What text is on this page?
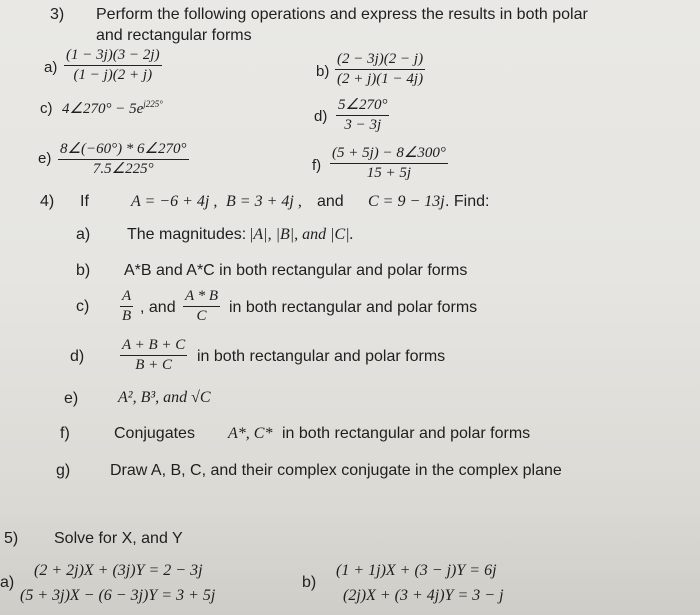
3) Perform the following operations and express the results in both polar
and rectangular forms
$a) \frac{(1 - 3j)(3 - 2j)}{(1 - j)(2 + j)}$	$b) \frac{(2 - 3j)(2 - j)}{(2 + j)(1 - 4j)}$
c) 4∠270° − $5e^{j225^\circ}$
$d) \frac{5\angle 270^\circ}{3 - 3j}$
$e) \frac{8\angle(-60^\circ) * 6\angle 270^\circ}{7.5\angle 225^\circ}$	$f) \frac{(5 + 5j) - 8\angle 300^\circ}{15 + 5j}$
4) If	A = −6 + 4j , B = 3 + 4j , and C = 9 − 13j . Find:
a) The magnitudes: |A|, |B|, and |C|.
b) A*B and A*C in both rectangular and polar forms
$c) \frac{A}{B}$ , and $\frac{A * B}{C}$ in both rectangular and polar forms
$d) \frac{A + B + C}{B + C}$ in both rectangular and polar forms
e) A², B³, and √C
f)	Conjugates A*, C* in both rectangular and polar forms
g) Draw A, B, C, and their complex conjugate in the complex plane
5) Solve for X, and Y
a)
(2 + 2j)X + (3j)Y = 2 − 3j
(5 + 3j)X − (6 − 3j)Y = 3 + 5j
b)
(1 + 1j)X + (3 − j)Y = 6j
(2j)X + (3 + 4j)Y = 3 − j
